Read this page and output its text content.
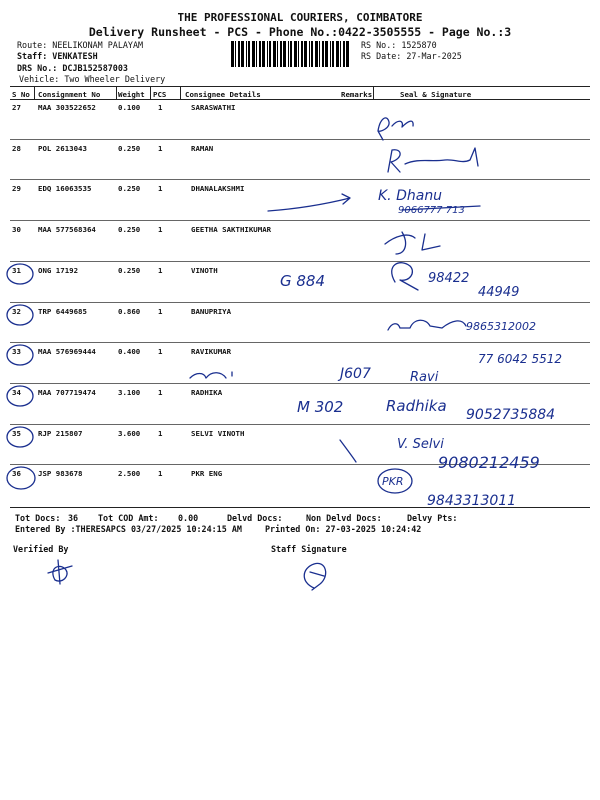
THE PROFESSIONAL COURIERS, COIMBATORE
Delivery Runsheet - PCS - Phone No.:0422-3505555 - Page No.:3
Route: NEELIKONAM PALAYAM
Staff: VENKATESH
DRS No.: DCJB152587003
Vehicle: Two Wheeler Delivery
RS No.: 1525870
RS Date: 27-Mar-2025
S No Consignment No Weight PCS	Consignee Details	Remarks	Seal & Signature
27 MAA 303522652	0.100 1	SARASWATHI
28 POL 2613043	0.250 1	RAMAN
29 EDQ 16063535	0.250 1	DHANALAKSHMI
30 MAA 577568364	0.250 1	GEETHA SAKTHIKUMAR
31 ONG 17192	0.250 1	VINOTH
32 TRP 6449685	0.860 1	BANUPRIYA
33 MAA 576969444	0.400 1	RAVIKUMAR
34 MAA 707719474	3.100 1	RADHIKA
35 RJP 215807	3.600 1	SELVI VINOTH
36 JSP 983678	2.500 1	PKR ENG
Tot Docs: 36 Tot COD Amt: 0.00	Delvd Docs:	Non Delvd Docs:	Delvy Pts:
Entered By :THERESAPCS 03/27/2025 10:24:15 AM	Printed On: 27-03-2025 10:24:42
Verified By	Staff Signature
K. Dhanu
9066777 713
G 884	98422
44949
9865312002
J607	Ravi
77 6042 5512
M 302	Radhika 9052735884
V. Selvi
9080212459
PKR
9843313011
